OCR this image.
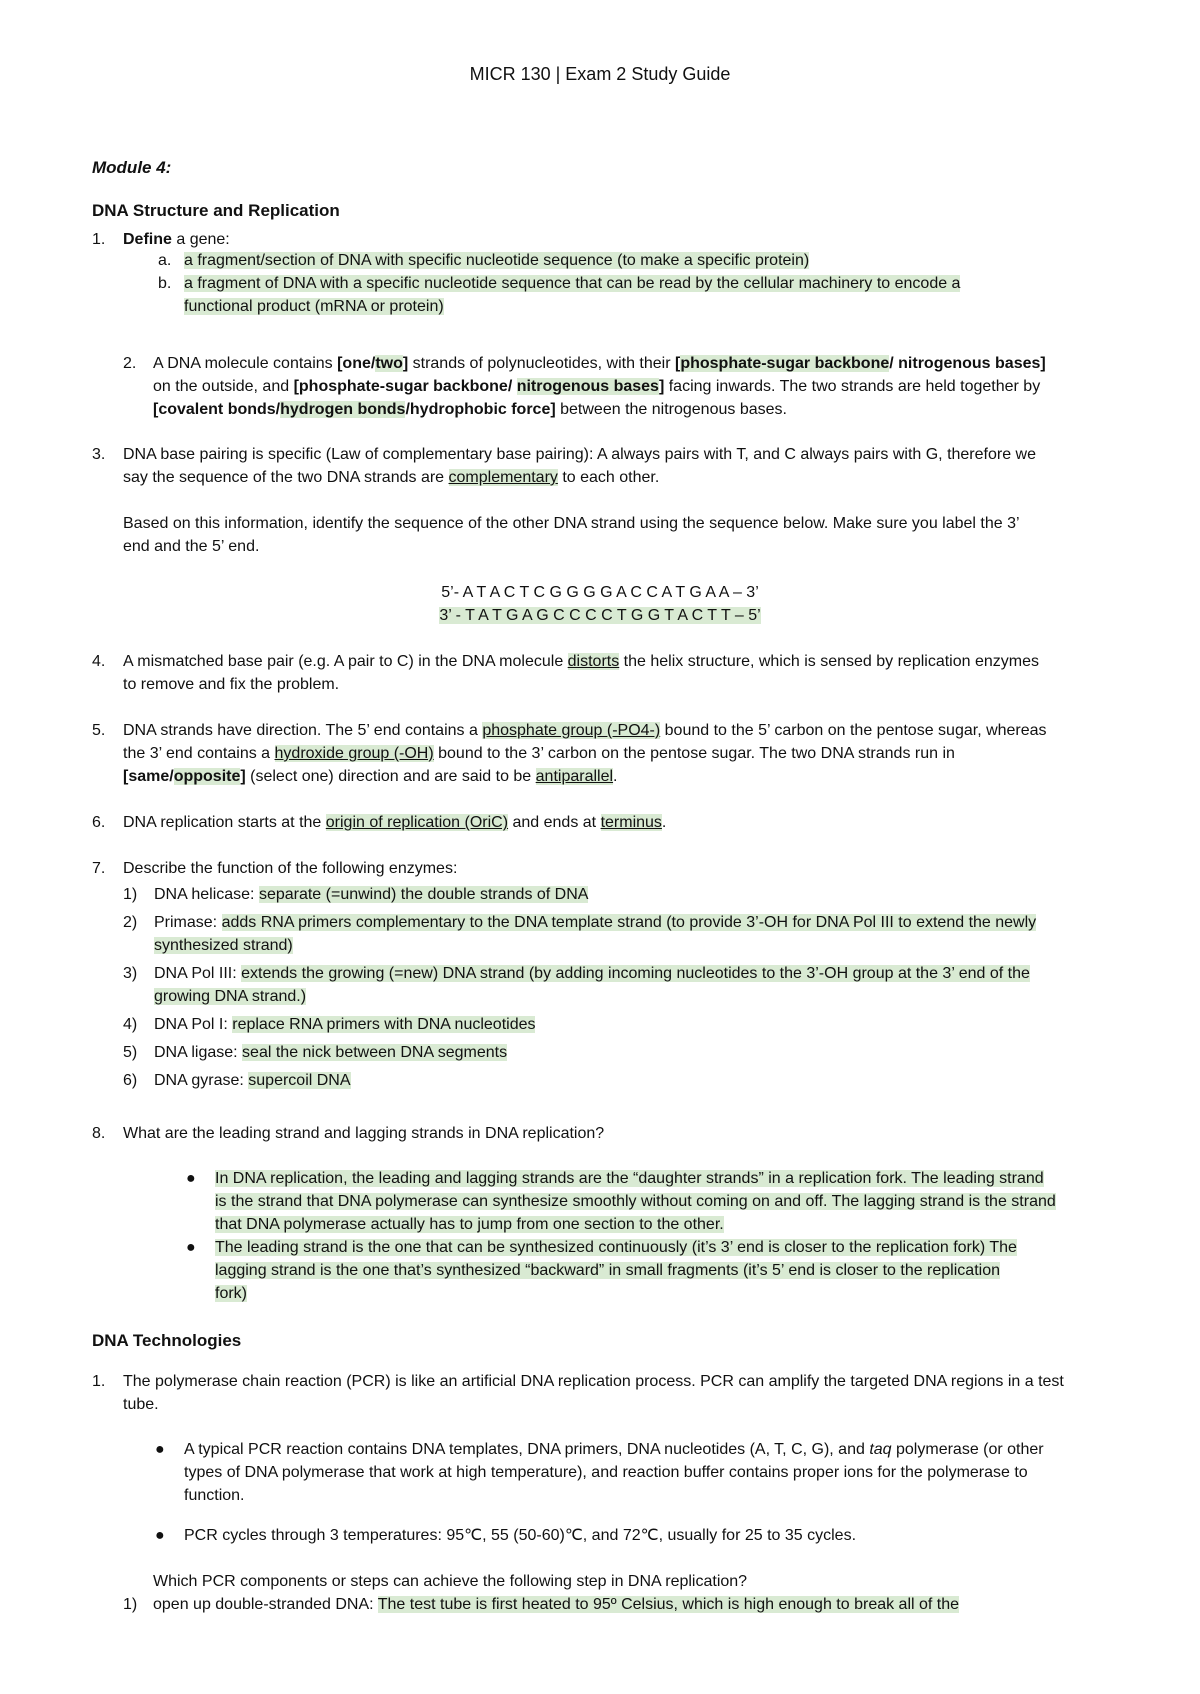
MICR 130 | Exam 2 Study Guide
Module 4:
DNA Structure and Replication
1. Define a gene:
a. a fragment/section of DNA with specific nucleotide sequence (to make a specific protein)
b. a fragment of DNA with a specific nucleotide sequence that can be read by the cellular machinery to encode a
functional product (mRNA or protein)
2. A DNA molecule contains [one/two] strands of polynucleotides, with their [phosphate-sugar backbone/ nitrogenous bases]
on the outside, and [phosphate-sugar backbone/ nitrogenous bases] facing inwards. The two strands are held together by
[covalent bonds/hydrogen bonds/hydrophobic force] between the nitrogenous bases.
3. DNA base pairing is specific (Law of complementary base pairing): A always pairs with T, and C always pairs with G, therefore we
say the sequence of the two DNA strands are complementary to each other.
Based on this information, identify the sequence of the other DNA strand using the sequence below. Make sure you label the 3’
end and the 5’ end.
5’- A T A C T C G G G G A C C A T G A A – 3’
3’ - T A T G A G C C C C T G G T A C T T – 5’
4. A mismatched base pair (e.g. A pair to C) in the DNA molecule distorts the helix structure, which is sensed by replication enzymes
to remove and fix the problem.
5. DNA strands have direction. The 5’ end contains a phosphate group (-PO4-) bound to the 5’ carbon on the pentose sugar, whereas
the 3’ end contains a hydroxide group (-OH) bound to the 3’ carbon on the pentose sugar. The two DNA strands run in
[same/opposite] (select one) direction and are said to be antiparallel.
6. DNA replication starts at the origin of replication (OriC) and ends at terminus.
7. Describe the function of the following enzymes:
1) DNA helicase: separate (=unwind) the double strands of DNA
2) Primase: adds RNA primers complementary to the DNA template strand (to provide 3’-OH for DNA Pol III to extend the newly
synthesized strand)
3) DNA Pol III: extends the growing (=new) DNA strand (by adding incoming nucleotides to the 3’-OH group at the 3’ end of the
growing DNA strand.)
4) DNA Pol I: replace RNA primers with DNA nucleotides
5) DNA ligase: seal the nick between DNA segments
6) DNA gyrase: supercoil DNA
8. What are the leading strand and lagging strands in DNA replication?
● In DNA replication, the leading and lagging strands are the “daughter strands” in a replication fork. The leading strand
is the strand that DNA polymerase can synthesize smoothly without coming on and off. The lagging strand is the strand
that DNA polymerase actually has to jump from one section to the other.
● The leading strand is the one that can be synthesized continuously (it’s 3’ end is closer to the replication fork) The
lagging strand is the one that’s synthesized “backward” in small fragments (it’s 5’ end is closer to the replication
fork)
DNA Technologies
1. The polymerase chain reaction (PCR) is like an artificial DNA replication process. PCR can amplify the targeted DNA regions in a test
tube.
● A typical PCR reaction contains DNA templates, DNA primers, DNA nucleotides (A, T, C, G), and taq polymerase (or other
types of DNA polymerase that work at high temperature), and reaction buffer contains proper ions for the polymerase to
function.
● PCR cycles through 3 temperatures: 95℃, 55 (50-60)℃, and 72℃, usually for 25 to 35 cycles.
Which PCR components or steps can achieve the following step in DNA replication?
1) open up double-stranded DNA: The test tube is first heated to 95º Celsius, which is high enough to break all of the
